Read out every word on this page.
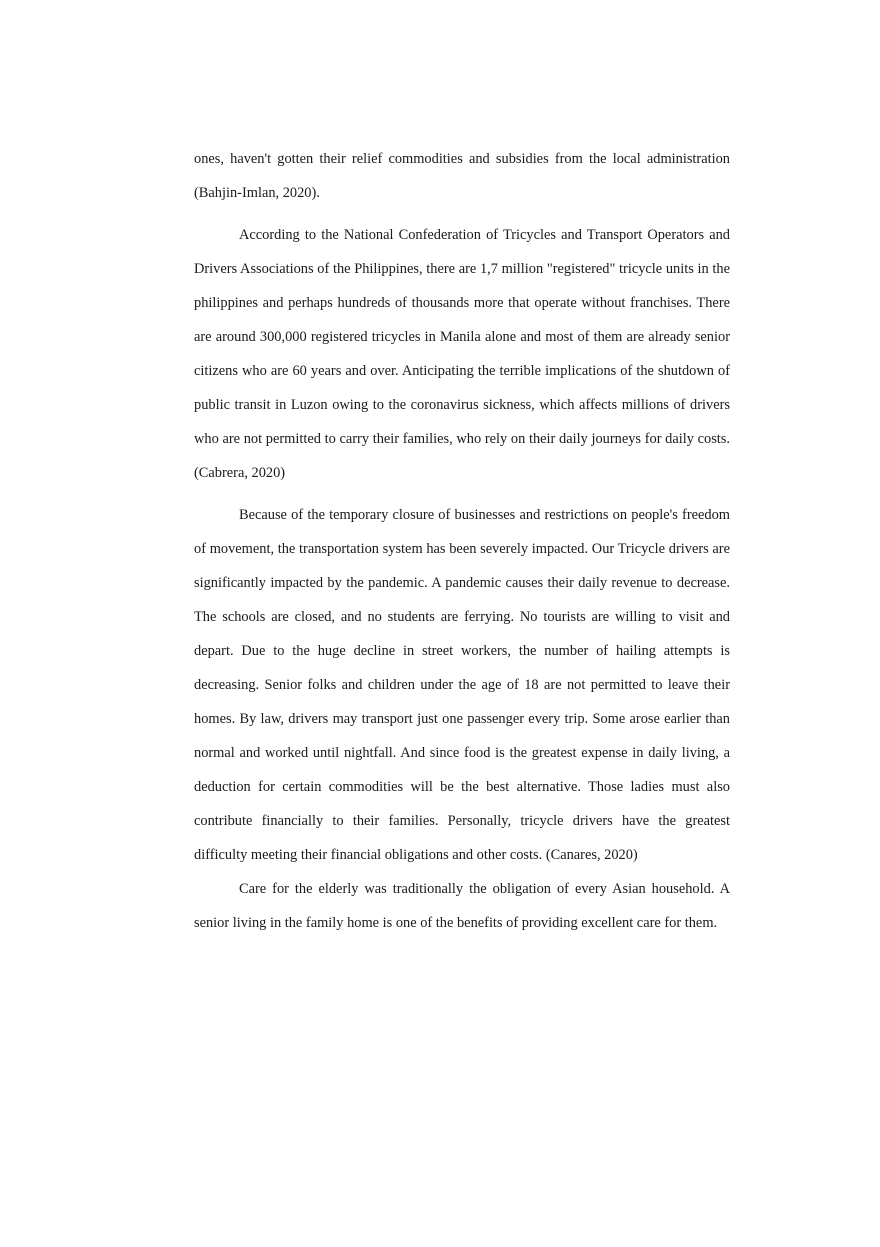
ones, haven't gotten their relief commodities and subsidies from the local administration (Bahjin-Imlan, 2020).

According to the National Confederation of Tricycles and Transport Operators and Drivers Associations of the Philippines, there are 1,7 million "registered" tricycle units in the philippines and perhaps hundreds of thousands more that operate without franchises. There are around 300,000 registered tricycles in Manila alone and most of them are already senior citizens who are 60 years and over. Anticipating the terrible implications of the shutdown of public transit in Luzon owing to the coronavirus sickness, which affects millions of drivers who are not permitted to carry their families, who rely on their daily journeys for daily costs. (Cabrera, 2020)

Because of the temporary closure of businesses and restrictions on people's freedom of movement, the transportation system has been severely impacted. Our Tricycle drivers are significantly impacted by the pandemic. A pandemic causes their daily revenue to decrease. The schools are closed, and no students are ferrying. No tourists are willing to visit and depart. Due to the huge decline in street workers, the number of hailing attempts is decreasing. Senior folks and children under the age of 18 are not permitted to leave their homes. By law, drivers may transport just one passenger every trip. Some arose earlier than normal and worked until nightfall. And since food is the greatest expense in daily living, a deduction for certain commodities will be the best alternative. Those ladies must also contribute financially to their families. Personally, tricycle drivers have the greatest difficulty meeting their financial obligations and other costs. (Canares, 2020)

Care for the elderly was traditionally the obligation of every Asian household. A senior living in the family home is one of the benefits of providing excellent care for them.
